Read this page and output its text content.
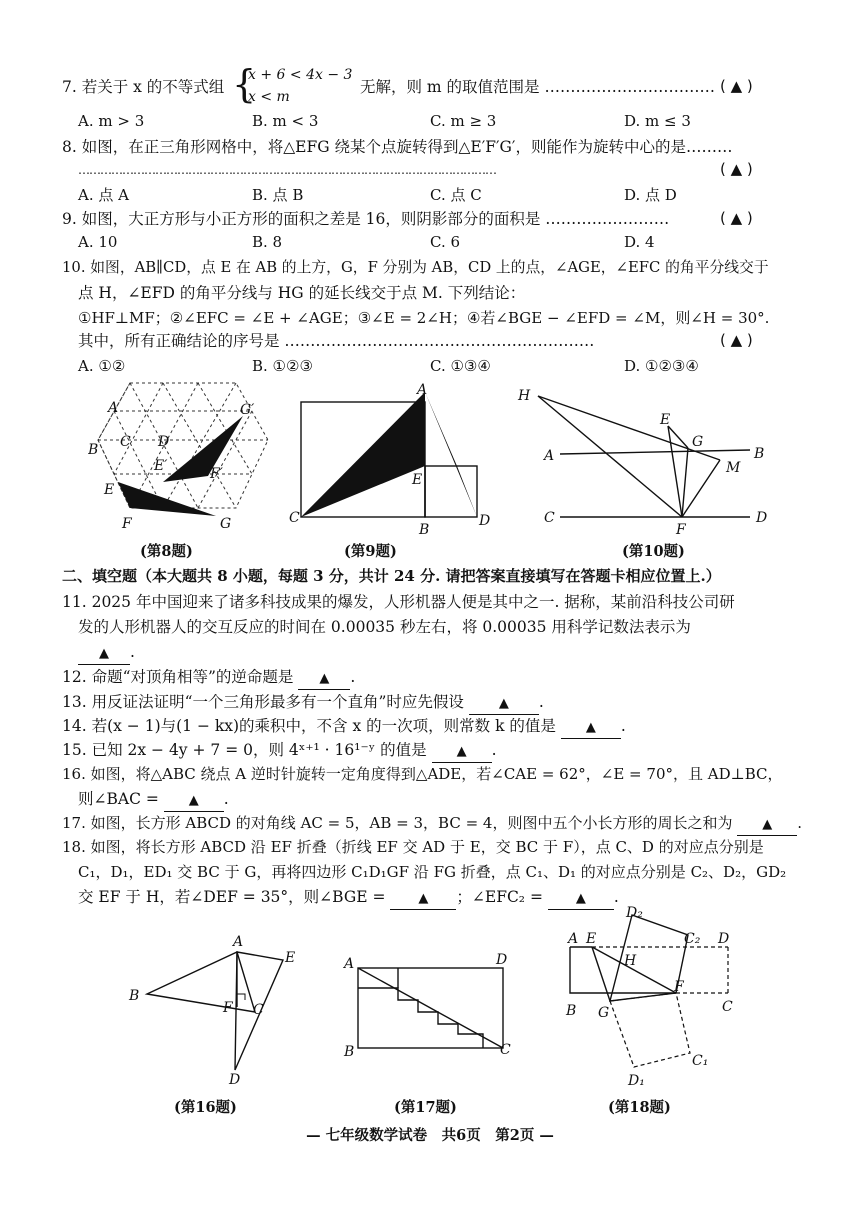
7. 若关于 x 的不等式组 {
x + 6 < 4x − 3
x < m
无解，则 m 的取值范围是 …………………………… ( ▲ )
A. m > 3	B. m < 3	C. m ≥ 3	D. m ≤ 3
8. 如图，在正三角形网格中，将△EFG 绕某个点旋转得到△E′F′G′，则能作为旋转中心的是………
……………………………………………………………………………………………………	( ▲ )
A. 点 A	B. 点 B	C. 点 C	D. 点 D
9. 如图，大正方形与小正方形的面积之差是 16，则阴影部分的面积是 ……………………	( ▲ )
A. 10	B. 8	C. 6	D. 4
10. 如图，AB∥CD，点 E 在 AB 的上方，G，F 分别为 AB，CD 上的点，∠AGE，∠EFC 的角平分线交于
点 H，∠EFD 的角平分线与 HG 的延长线交于点 M. 下列结论：
①HF⊥MF；②∠EFC = ∠E + ∠AGE；③∠E = 2∠H；④若∠BGE − ∠EFD = ∠M，则∠H = 30°.
其中，所有正确结论的序号是 ……………………………………………………	( ▲ )
A. ①②	B. ①②③	C. ①③④	D. ①②③④
A	G′
B C D
E′	F′
E
F	G
(第8题)
A
E
C
B
D
(第9题)
H
E
G
A	B
M
C
F
D
(第10题)
二、填空题（本大题共 8 小题，每题 3 分，共计 24 分. 请把答案直接填写在答题卡相应位置上.）
11. 2025 年中国迎来了诸多科技成果的爆发，人形机器人便是其中之一. 据称，某前沿科技公司研
发的人形机器人的交互反应的时间在 0.00035 秒左右，将 0.00035 用科学记数法表示为
▲ .
12. 命题“对顶角相等”的逆命题是 ▲ .
13. 用反证法证明“一个三角形最多有一个直角”时应先假设	▲ .
14. 若(x − 1)与(1 − kx)的乘积中，不含 x 的一次项，则常数 k 的值是 ▲ .
15. 已知 2x − 4y + 7 = 0，则 4ˣ⁺¹ · 16¹⁻ʸ 的值是 ▲ .
16. 如图，将△ABC 绕点 A 逆时针旋转一定角度得到△ADE，若∠CAE = 62°，∠E = 70°，且 AD⊥BC，
则∠BAC = ▲ .
17. 如图，长方形 ABCD 的对角线 AC = 5，AB = 3，BC = 4，则图中五个小长方形的周长之和为 ▲ .
18. 如图，将长方形 ABCD 沿 EF 折叠（折线 EF 交 AD 于 E，交 BC 于 F），点 C、D 的对应点分别是
C₁，D₁，ED₁ 交 BC 于 G，再将四边形 C₁D₁GF 沿 FG 折叠，点 C₁、D₁ 的对应点分别是 C₂、D₂，GD₂
交 EF 于 H，若∠DEF = 35°，则∠BGE =	▲ ；∠EFC₂ =	▲ .
A
E
B
F C
D
(第16题)
A	D
B	C
(第17题)
D₂
A E	C₂ D
H
F
B G	C
C₁
D₁
(第18题)
— 七年级数学试卷　共6页　第2页 —
